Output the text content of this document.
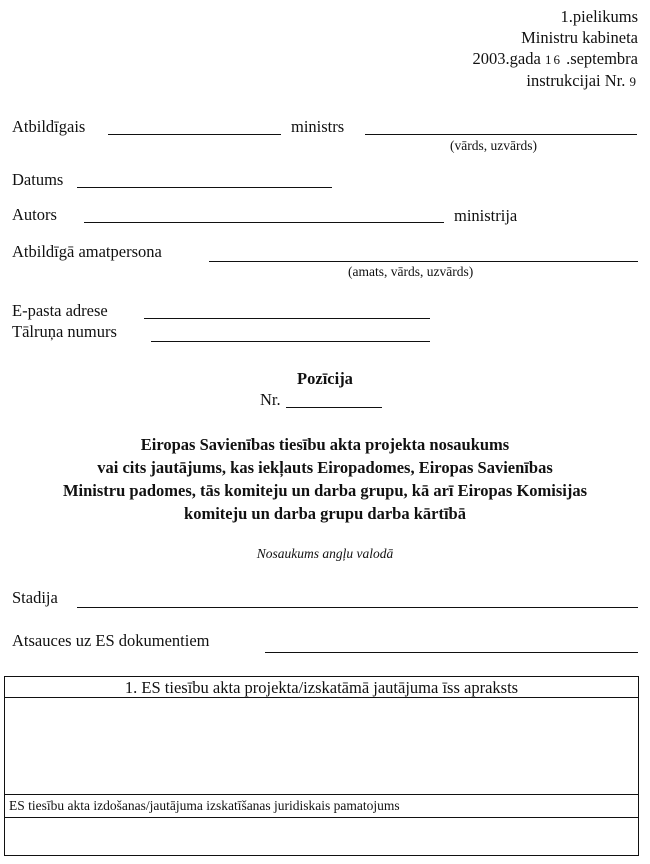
1.pielikums
Ministru kabineta
2003.gada 16 .septembra
instrukcijai Nr. 9
Atbildīgais	ministrs
(vārds, uzvārds)
Datums
Autors	ministrija
Atbildīgā amatpersona
(amats, vārds, uzvārds)
E-pasta adrese
Tālruņa numurs
Pozīcija
Nr.
Eiropas Savienības tiesību akta projekta nosaukums
vai cits jautājums, kas iekļauts Eiropadomes, Eiropas Savienības
Ministru padomes, tās komiteju un darba grupu, kā arī Eiropas Komisijas
komiteju un darba grupu darba kārtībā
Nosaukums angļu valodā
Stadija
Atsauces uz ES dokumentiem
1. ES tiesību akta projekta/izskatāmā jautājuma īss apraksts
ES tiesību akta izdošanas/jautājuma izskatīšanas juridiskais pamatojums
